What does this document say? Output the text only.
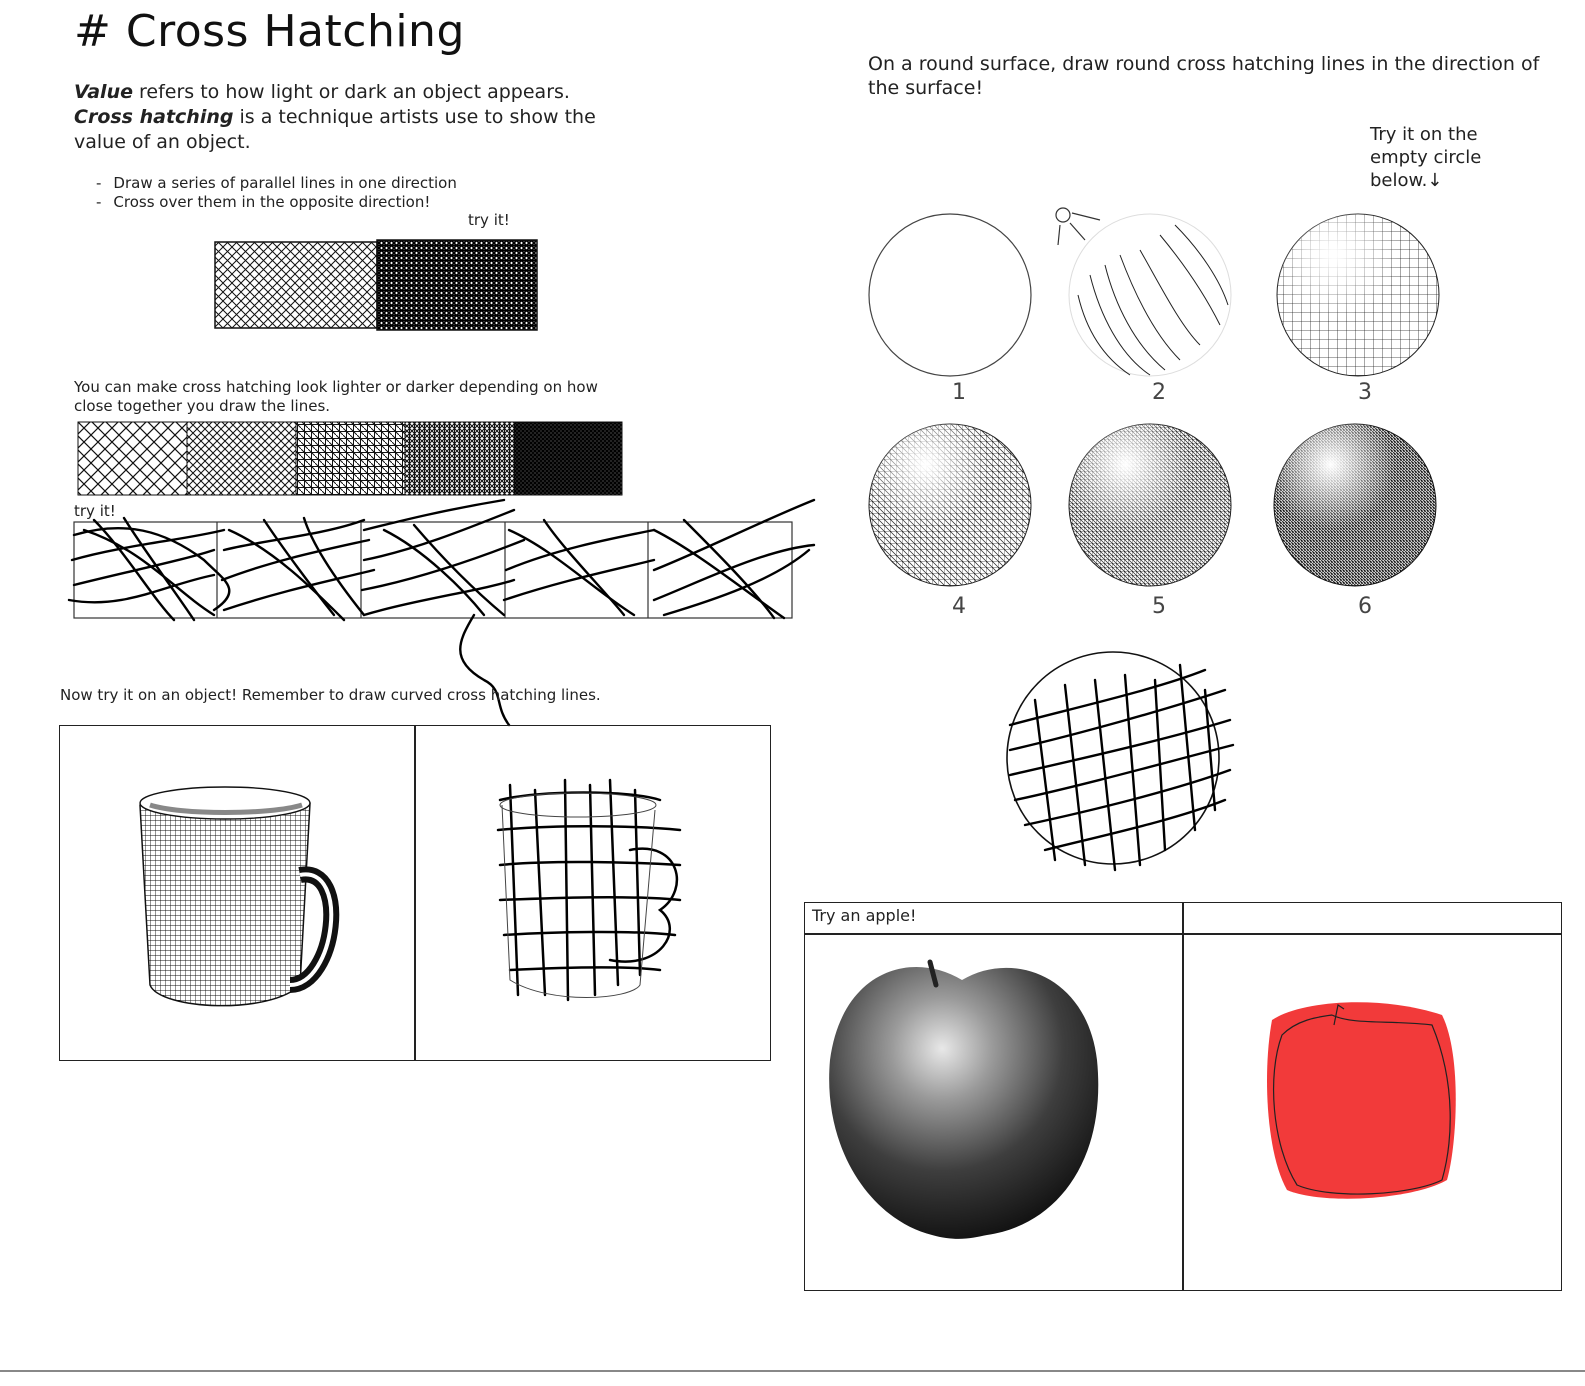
# Cross Hatching
Value refers to how light or dark an object appears.
Cross hatching is a technique artists use to show the value of an object.
- Draw a series of parallel lines in one direction
- Cross over them in the opposite direction!
try it!
You can make cross hatching look lighter or darker depending on how close together you draw the lines.
try it!
Now try it on an object! Remember to draw curved cross hatching lines.
On a round surface, draw round cross hatching lines in the direction of the surface!
Try it on the empty circle below.↓
1	2	3
4	5	6
Try an apple!
